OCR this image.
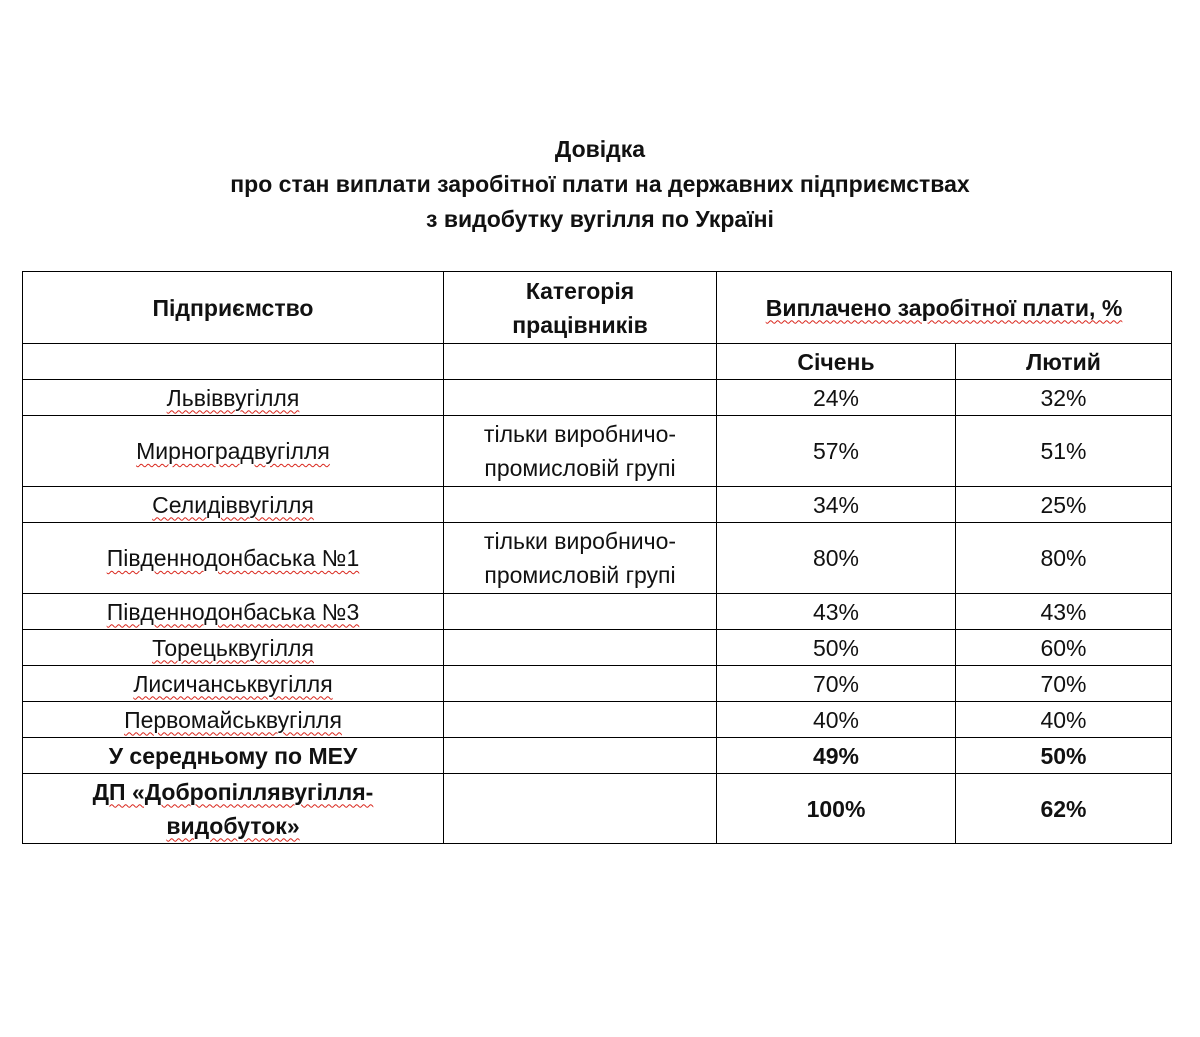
Довідка
про стан виплати заробітної плати на державних підприємствах
з видобутку вугілля по Україні
Підприємство	Категорія працівників	Виплачено заробітної плати, %	
		Січень	Лютий
Львіввугілля		24%	32%
Мирноградвугілля	тільки виробничо-промисловій групі	57%	51%
Селидіввугілля		34%	25%
Південнодонбаська №1	тільки виробничо-промисловій групі	80%	80%
Південнодонбаська №3		43%	43%
Торецьквугілля		50%	60%
Лисичанськвугілля		70%	70%
Первомайськвугілля		40%	40%
У середньому по МЕУ		49%	50%
ДП «Добропіллявугілля-видобуток»		100%	62%
